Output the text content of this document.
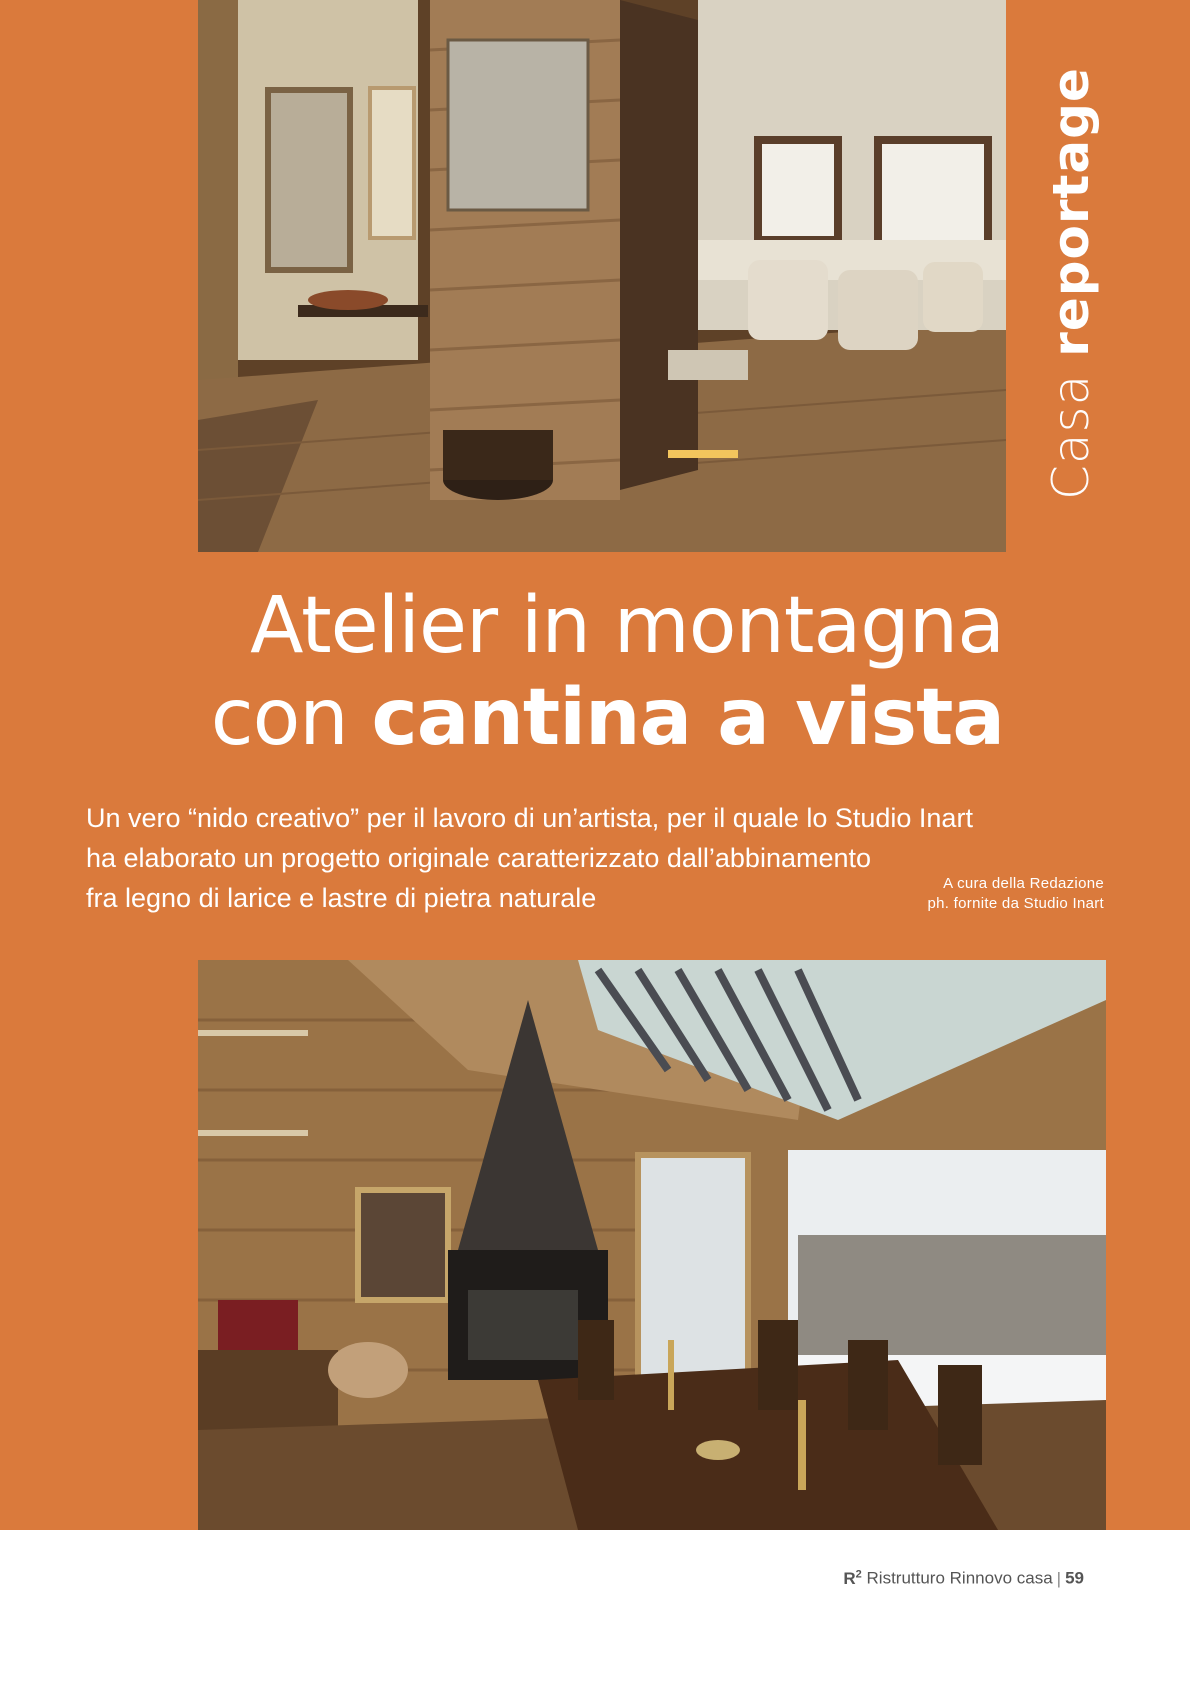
Casa reportage
Atelier in montagna
con cantina a vista
Un vero “nido creativo” per il lavoro di un’artista, per il quale lo Studio Inart
ha elaborato un progetto originale caratterizzato dall’abbinamento
fra legno di larice e lastre di pietra naturale	A cura della Redazione
ph. fornite da Studio Inart
$R^2$ Ristrutturo Rinnovo casa | 59
